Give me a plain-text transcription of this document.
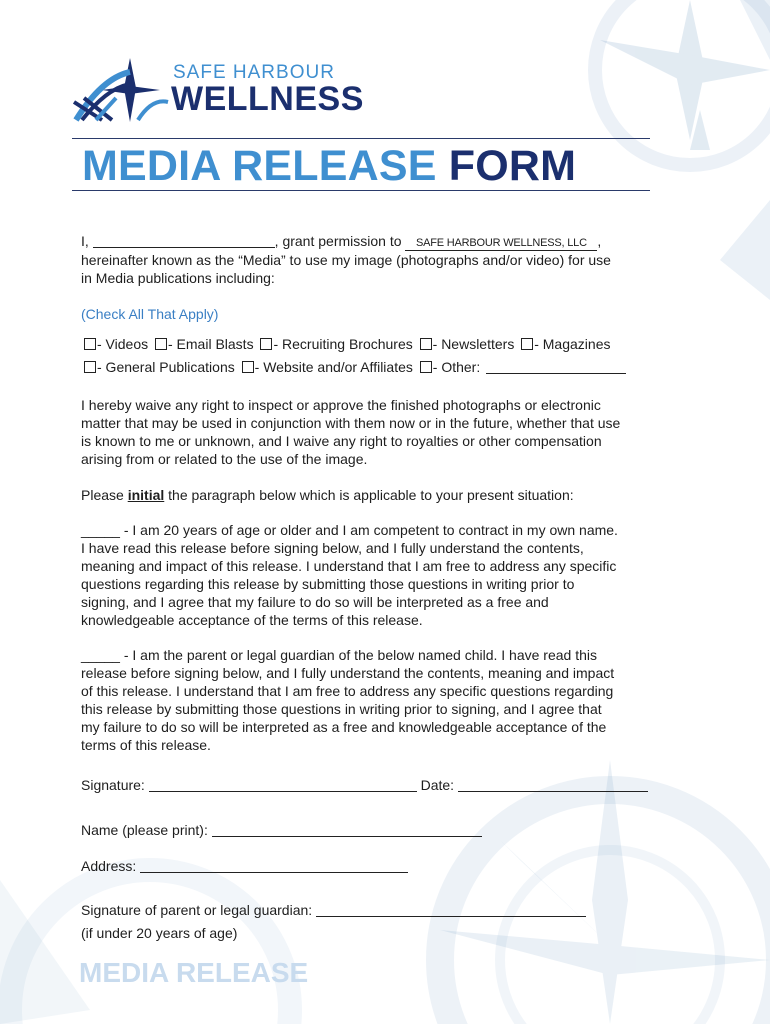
SAFE HARBOUR
WELLNESS
MEDIA RELEASE FORM
I,	, grant permission to SAFE HARBOUR WELLNESS, LLC ,
hereinafter known as the “Media” to use my image (photographs and/or video) for use
in Media publications including:
(Check All That Apply)
- Videos - Email Blasts - Recruiting Brochures - Newsletters - Magazines
- General Publications - Website and/or Affiliates - Other:
I hereby waive any right to inspect or approve the finished photographs or electronic
matter that may be used in conjunction with them now or in the future, whether that use
is known to me or unknown, and I waive any right to royalties or other compensation
arising from or related to the use of the image.
Please initial the paragraph below which is applicable to your present situation:
_____ - I am 20 years of age or older and I am competent to contract in my own name.
I have read this release before signing below, and I fully understand the contents,
meaning and impact of this release. I understand that I am free to address any specific
questions regarding this release by submitting those questions in writing prior to
signing, and I agree that my failure to do so will be interpreted as a free and
knowledgeable acceptance of the terms of this release.
_____ - I am the parent or legal guardian of the below named child. I have read this
release before signing below, and I fully understand the contents, meaning and impact
of this release. I understand that I am free to address any specific questions regarding
this release by submitting those questions in writing prior to signing, and I agree that
my failure to do so will be interpreted as a free and knowledgeable acceptance of the
terms of this release.
Signature:	Date:
Name (please print):
Address:
Signature of parent or legal guardian:
(if under 20 years of age)
MEDIA RELEASE
